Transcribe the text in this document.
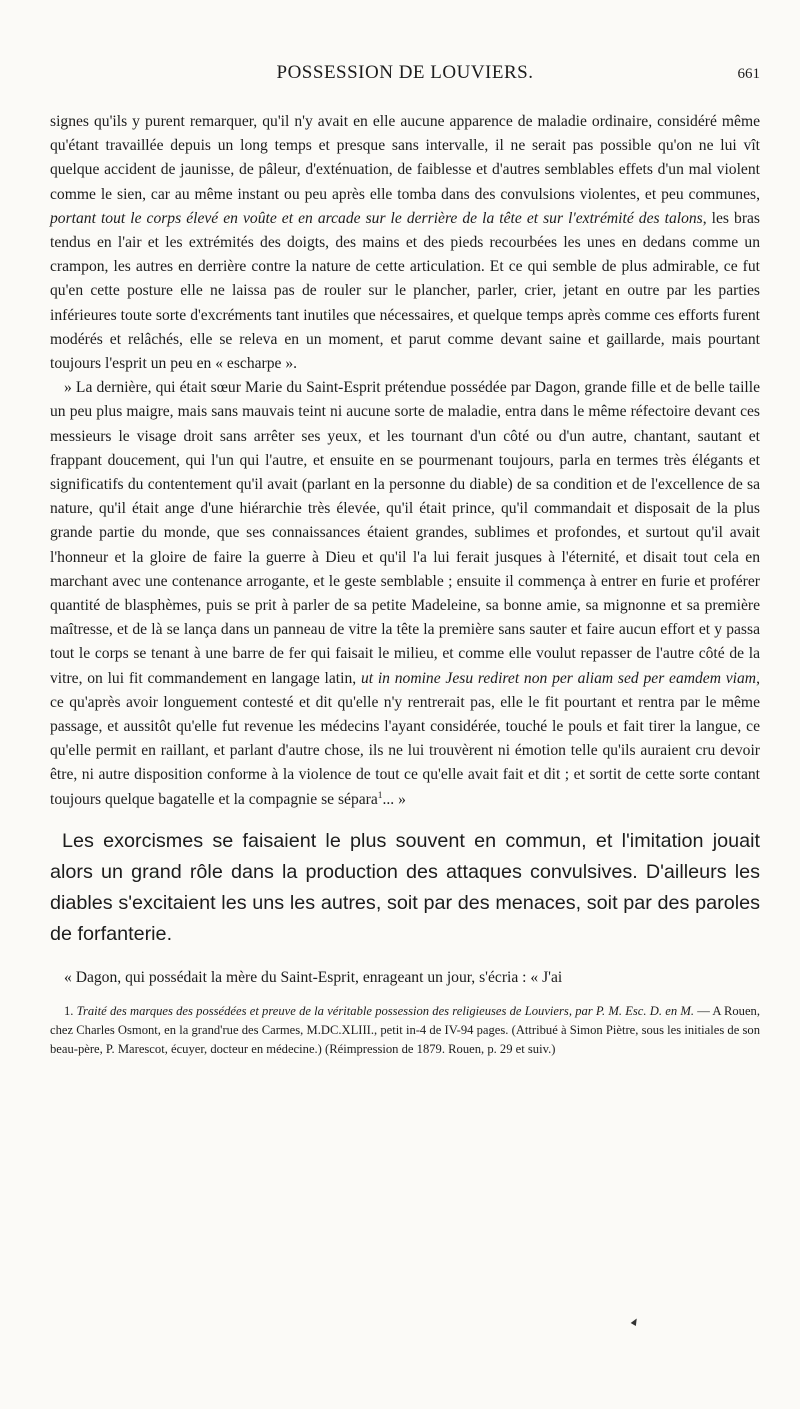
POSSESSION DE LOUVIERS.	661

signes qu'ils y purent remarquer, qu'il n'y avait en elle aucune apparence de maladie ordinaire, considéré même qu'étant travaillée depuis un long temps et presque sans intervalle, il ne serait pas possible qu'on ne lui vît quelque accident de jaunisse, de pâleur, d'exténuation, de faiblesse et d'autres semblables effets d'un mal violent comme le sien, car au même instant ou peu après elle tomba dans des convulsions violentes, et peu communes, portant tout le corps élevé en voûte et en arcade sur le derrière de la tête et sur l'extrémité des talons, les bras tendus en l'air et les extrémités des doigts, des mains et des pieds recourbées les unes en dedans comme un crampon, les autres en derrière contre la nature de cette articulation. Et ce qui semble de plus admirable, ce fut qu'en cette posture elle ne laissa pas de rouler sur le plancher, parler, crier, jetant en outre par les parties inférieures toute sorte d'excréments tant inutiles que nécessaires, et quelque temps après comme ces efforts furent modérés et relâchés, elle se releva en un moment, et parut comme devant saine et gaillarde, mais pourtant toujours l'esprit un peu en « escharpe ».

» La dernière, qui était sœur Marie du Saint-Esprit prétendue possédée par Dagon, grande fille et de belle taille un peu plus maigre, mais sans mauvais teint ni aucune sorte de maladie, entra dans le même réfectoire devant ces messieurs le visage droit sans arrêter ses yeux, et les tournant d'un côté ou d'un autre, chantant, sautant et frappant doucement, qui l'un qui l'autre, et ensuite en se pourmenant toujours, parla en termes très élégants et significatifs du contentement qu'il avait (parlant en la personne du diable) de sa condition et de l'excellence de sa nature, qu'il était ange d'une hiérarchie très élevée, qu'il était prince, qu'il commandait et disposait de la plus grande partie du monde, que ses connaissances étaient grandes, sublimes et profondes, et surtout qu'il avait l'honneur et la gloire de faire la guerre à Dieu et qu'il l'a lui ferait jusques à l'éternité, et disait tout cela en marchant avec une contenance arrogante, et le geste semblable ; ensuite il commença à entrer en furie et proférer quantité de blasphèmes, puis se prit à parler de sa petite Madeleine, sa bonne amie, sa mignonne et sa première maîtresse, et de là se lança dans un panneau de vitre la tête la première sans sauter et faire aucun effort et y passa tout le corps se tenant à une barre de fer qui faisait le milieu, et comme elle voulut repasser de l'autre côté de la vitre, on lui fit commandement en langage latin, ut in nomine Jesu rediret non per aliam sed per eamdem viam, ce qu'après avoir longuement contesté et dit qu'elle n'y rentrerait pas, elle le fit pourtant et rentra par le même passage, et aussitôt qu'elle fut revenue les médecins l'ayant considérée, touché le pouls et fait tirer la langue, ce qu'elle permit en raillant, et parlant d'autre chose, ils ne lui trouvèrent ni émotion telle qu'ils auraient cru devoir être, ni autre disposition conforme à la violence de tout ce qu'elle avait fait et dit ; et sortit de cette sorte contant toujours quelque bagatelle et la compagnie se sépara$^1$... »

Les exorcismes se faisaient le plus souvent en commun, et l'imitation jouait alors un grand rôle dans la production des attaques convulsives. D'ailleurs les diables s'excitaient les uns les autres, soit par des menaces, soit par des paroles de forfanterie.

« Dagon, qui possédait la mère du Saint-Esprit, enrageant un jour, s'écria : « J'ai

1. Traité des marques des possédées et preuve de la véritable possession des religieuses de Louviers, par P. M. Esc. D. en M. — A Rouen, chez Charles Osmont, en la grand'rue des Carmes, M.DC.XLIII., petit in-4 de IV-94 pages. (Attribué à Simon Piètre, sous les initiales de son beau-père, P. Marescot, écuyer, docteur en médecine.) (Réimpression de 1879. Rouen, p. 29 et suiv.)
